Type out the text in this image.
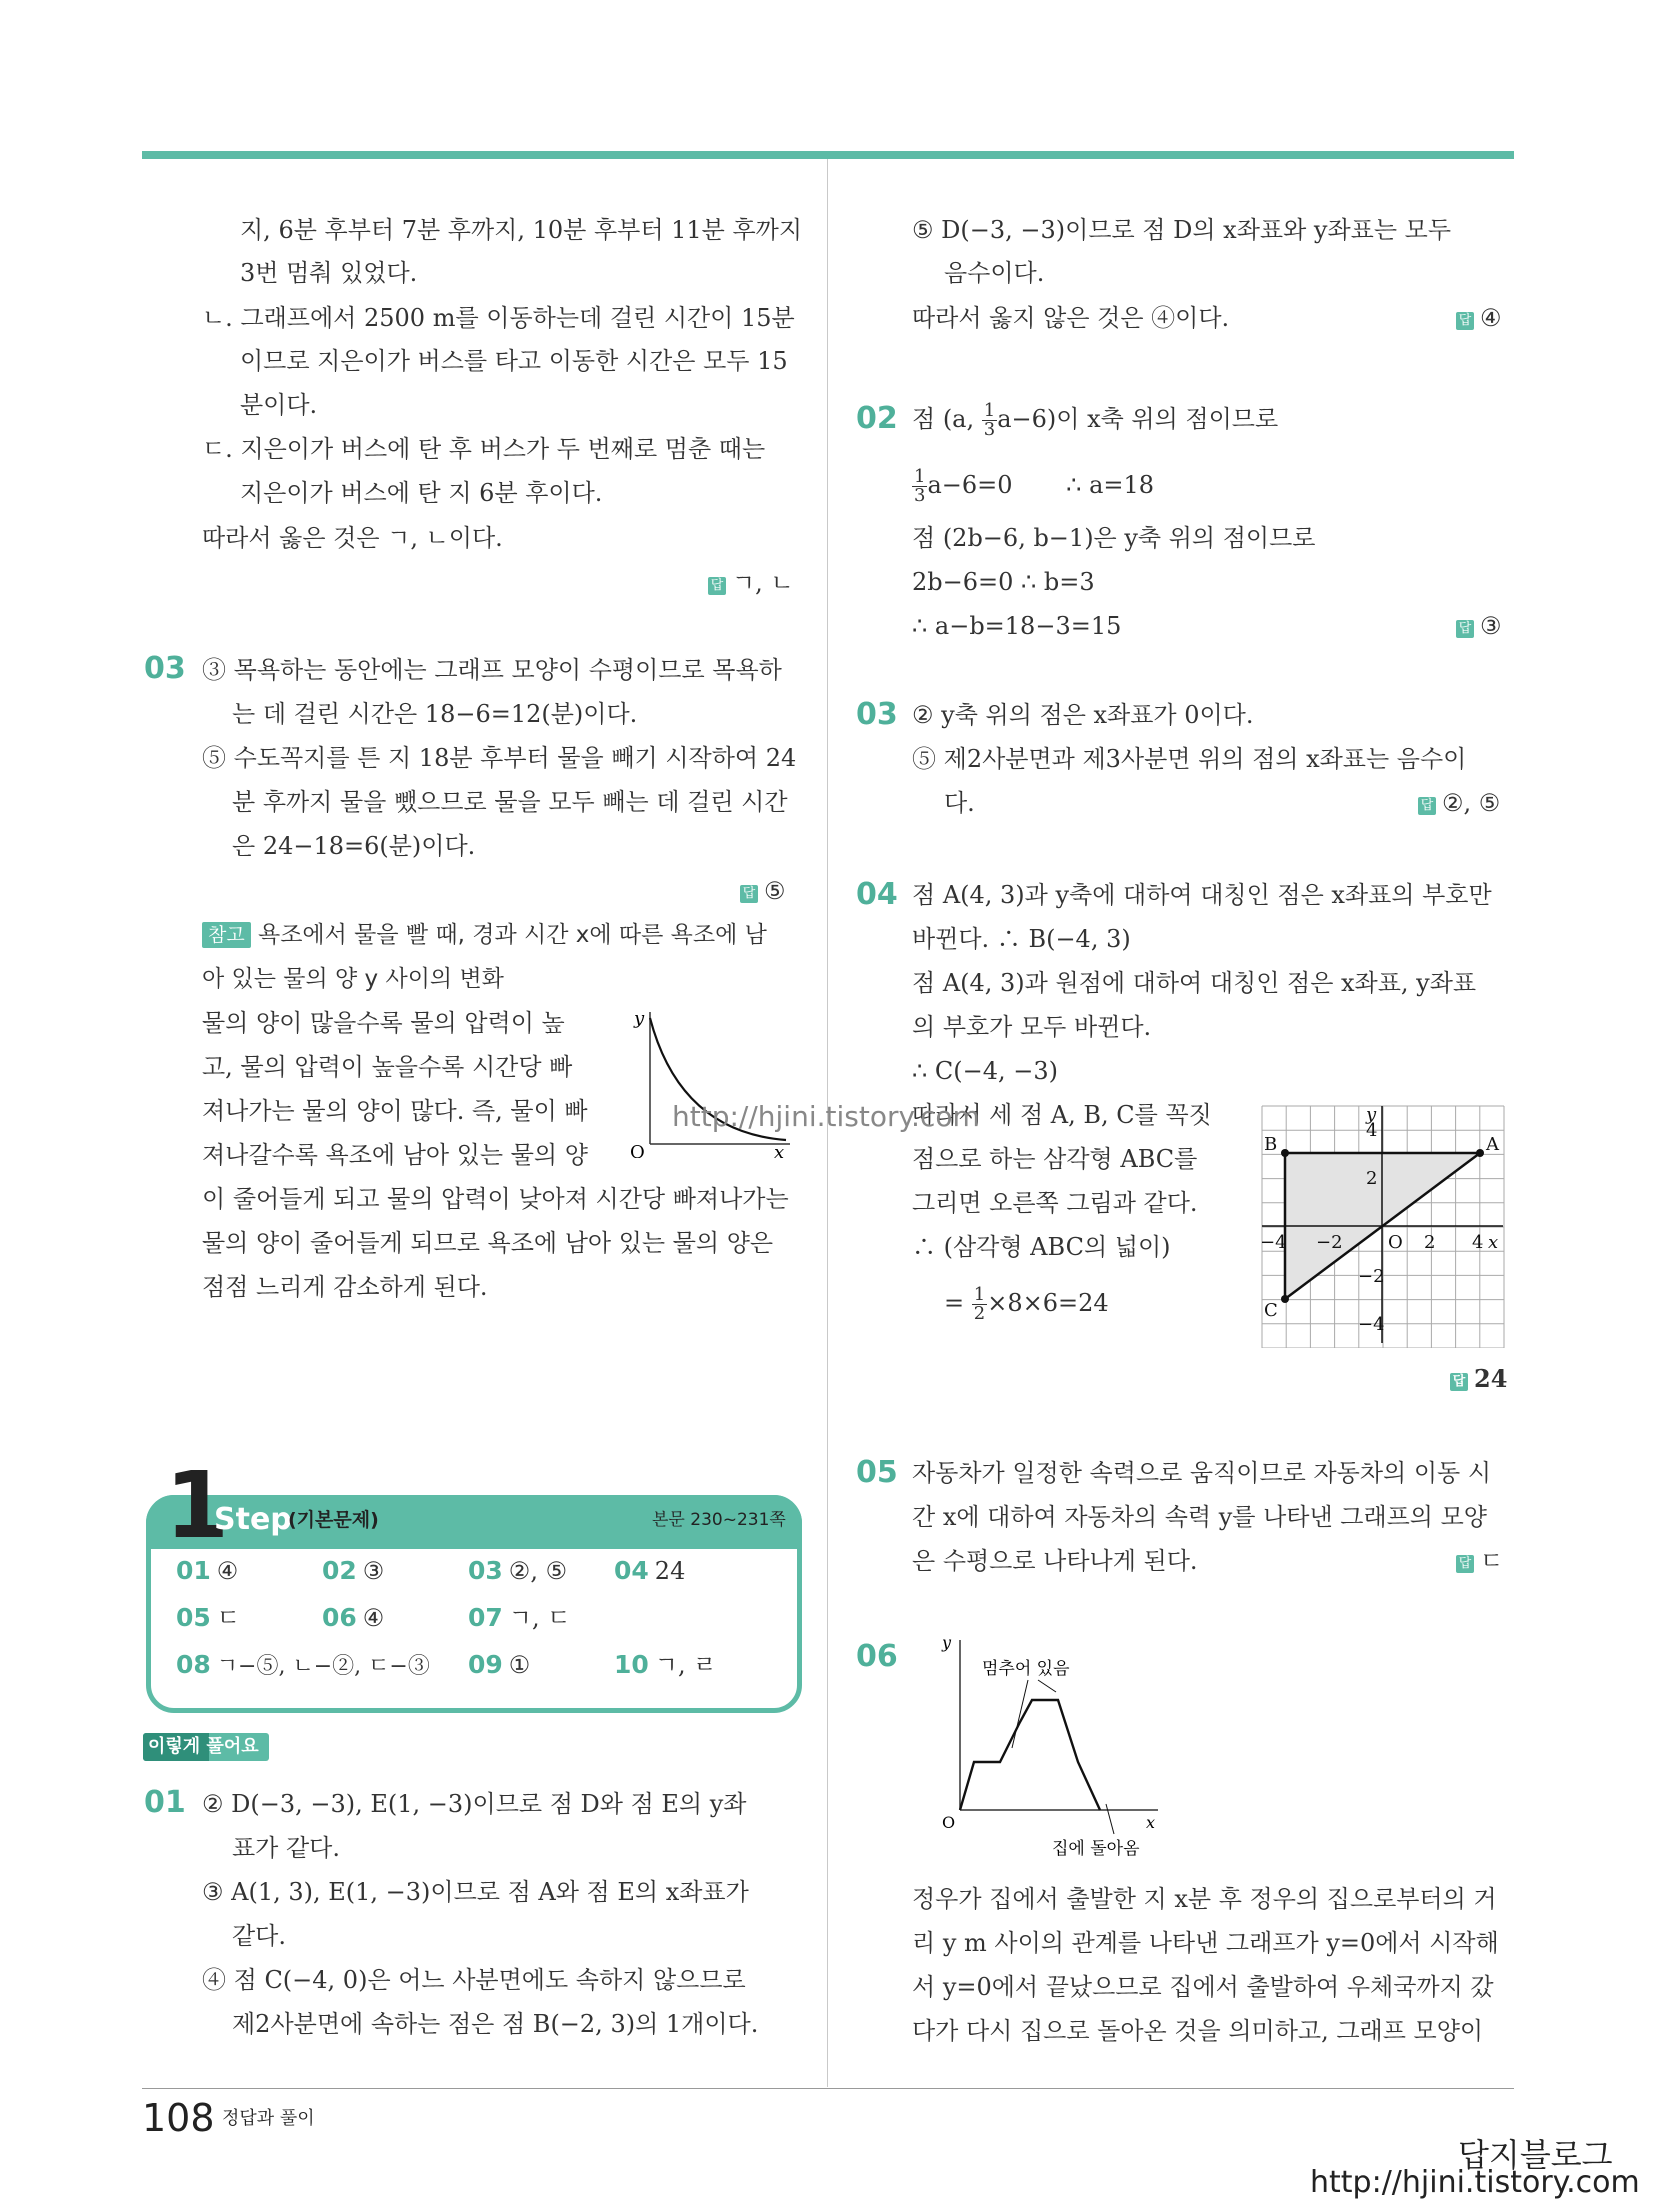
지, 6분 후부터 7분 후까지, 10분 후부터 11분 후까지
3번 멈춰 있었다.
ㄴ. 그래프에서 2500 m를 이동하는데 걸린 시간이 15분
이므로 지은이가 버스를 타고 이동한 시간은 모두 15
분이다.
ㄷ. 지은이가 버스에 탄 후 버스가 두 번째로 멈춘 때는
지은이가 버스에 탄 지 6분 후이다.
따라서 옳은 것은 ㄱ, ㄴ이다.
답 ㄱ, ㄴ
03 ③ 목욕하는 동안에는 그래프 모양이 수평이므로 목욕하
는 데 걸린 시간은 18−6=12(분)이다.
⑤ 수도꼭지를 튼 지 18분 후부터 물을 빼기 시작하여 24
분 후까지 물을 뺐으므로 물을 모두 빼는 데 걸린 시간
은 24−18=6(분)이다.
답 ⑤
참고 욕조에서 물을 빨 때, 경과 시간 x에 따른 욕조에 남
아 있는 물의 양 y 사이의 변화
물의 양이 많을수록 물의 압력이 높
고, 물의 압력이 높을수록 시간당 빠
져나가는 물의 양이 많다. 즉, 물이 빠
져나갈수록 욕조에 남아 있는 물의 양
이 줄어들게 되고 물의 압력이 낮아져 시간당 빠져나가는
물의 양이 줄어들게 되므로 욕조에 남아 있는 물의 양은
점점 느리게 감소하게 된다.
y
x
O
1
Step
(기본문제)	본문 230~231쪽
01 ④	02 ③	03 ②, ⑤ 04 24
05 ㄷ	06 ④	07 ㄱ, ㄷ
08 ㄱ−⑤, ㄴ−②, ㄷ−③ 09 ①	10 ㄱ, ㄹ
이렇게 풀어요
01 ② D(−3, −3), E(1, −3)이므로 점 D와 점 E의 y좌
표가 같다.
③ A(1, 3), E(1, −3)이므로 점 A와 점 E의 x좌표가
같다.
④ 점 C(−4, 0)은 어느 사분면에도 속하지 않으므로
제2사분면에 속하는 점은 점 B(−2, 3)의 1개이다.
⑤ D(−3, −3)이므로 점 D의 x좌표와 y좌표는 모두
음수이다.
따라서 옳지 않은 것은 ④이다.	답 ④
02 점 (a, $\frac{1}{3} a-6$)이 x축 위의 점이므로
$\frac{1}{3} a-6=0$ ∴ a=18
점 (2b−6, b−1)은 y축 위의 점이므로
2b−6=0 ∴ b=3
∴ a−b=18−3=15	답 ③
03 ② y축 위의 점은 x좌표가 0이다.
⑤ 제2사분면과 제3사분면 위의 점의 x좌표는 음수이
다.	답 ②, ⑤
04 점 A(4, 3)과 y축에 대하여 대칭인 점은 x좌표의 부호만
바뀐다. ∴ B(−4, 3)
점 A(4, 3)과 원점에 대하여 대칭인 점은 x좌표, y좌표
의 부호가 모두 바뀐다.
∴ C(−4, −3)
따라서 세 점 A, B, C를 꼭짓
점으로 하는 삼각형 ABC를
그리면 오른쪽 그림과 같다.
∴ (삼각형 ABC의 넓이)
= $\frac{1}{2} \times 8\times 6=24$
A
B
C
O	x
y
4
2
−2
−4
4
2
−2
−4
답 24
05 자동차가 일정한 속력으로 움직이므로 자동차의 이동 시
간 x에 대하여 자동차의 속력 y를 나타낸 그래프의 모양
은 수평으로 나타나게 된다.	답 ㄷ
06	y
x
O
멈추어 있음
집에 돌아옴
정우가 집에서 출발한 지 x분 후 정우의 집으로부터의 거
리 y m 사이의 관계를 나타낸 그래프가 y=0에서 시작해
서 y=0에서 끝났으므로 집에서 출발하여 우체국까지 갔
다가 다시 집으로 돌아온 것을 의미하고, 그래프 모양이
108 정답과 풀이
http://hjini.tistory.com
답지블로그
http://hjini.tistory.com
